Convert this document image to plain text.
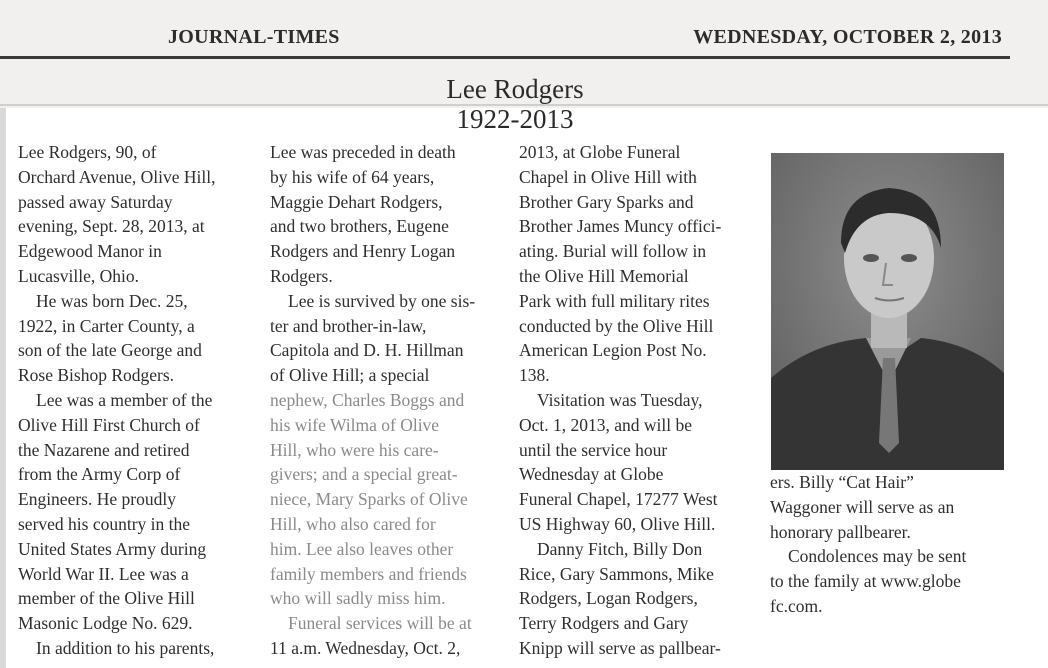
JOURNAL-TIMES	WEDNESDAY, OCTOBER 2, 2013
Lee Rodgers
1922-2013
Lee Rodgers, 90, of
Orchard Avenue, Olive Hill,
passed away Saturday
evening, Sept. 28, 2013, at
Edgewood Manor in
Lucasville, Ohio.
He was born Dec. 25,
1922, in Carter County, a
son of the late George and
Rose Bishop Rodgers.
Lee was a member of the
Olive Hill First Church of
the Nazarene and retired
from the Army Corp of
Engineers. He proudly
served his country in the
United States Army during
World War II. Lee was a
member of the Olive Hill
Masonic Lodge No. 629.
In addition to his parents,
Lee was preceded in death
by his wife of 64 years,
Maggie Dehart Rodgers,
and two brothers, Eugene
Rodgers and Henry Logan
Rodgers.
Lee is survived by one sis-
ter and brother-in-law,
Capitola and D. H. Hillman
of Olive Hill; a special
nephew, Charles Boggs and
his wife Wilma of Olive
Hill, who were his care-
givers; and a special great-
niece, Mary Sparks of Olive
Hill, who also cared for
him. Lee also leaves other
family members and friends
who will sadly miss him.
Funeral services will be at
11 a.m. Wednesday, Oct. 2,
2013, at Globe Funeral
Chapel in Olive Hill with
Brother Gary Sparks and
Brother James Muncy offici-
ating. Burial will follow in
the Olive Hill Memorial
Park with full military rites
conducted by the Olive Hill
American Legion Post No.
138.
Visitation was Tuesday,
Oct. 1, 2013, and will be
until the service hour
Wednesday at Globe
Funeral Chapel, 17277 West
US Highway 60, Olive Hill.
Danny Fitch, Billy Don
Rice, Gary Sammons, Mike
Rodgers, Logan Rodgers,
Terry Rodgers and Gary
Knipp will serve as pallbear-
ers. Billy “Cat Hair”
Waggoner will serve as an
honorary pallbearer.
Condolences may be sent
to the family at www.globe
fc.com.
